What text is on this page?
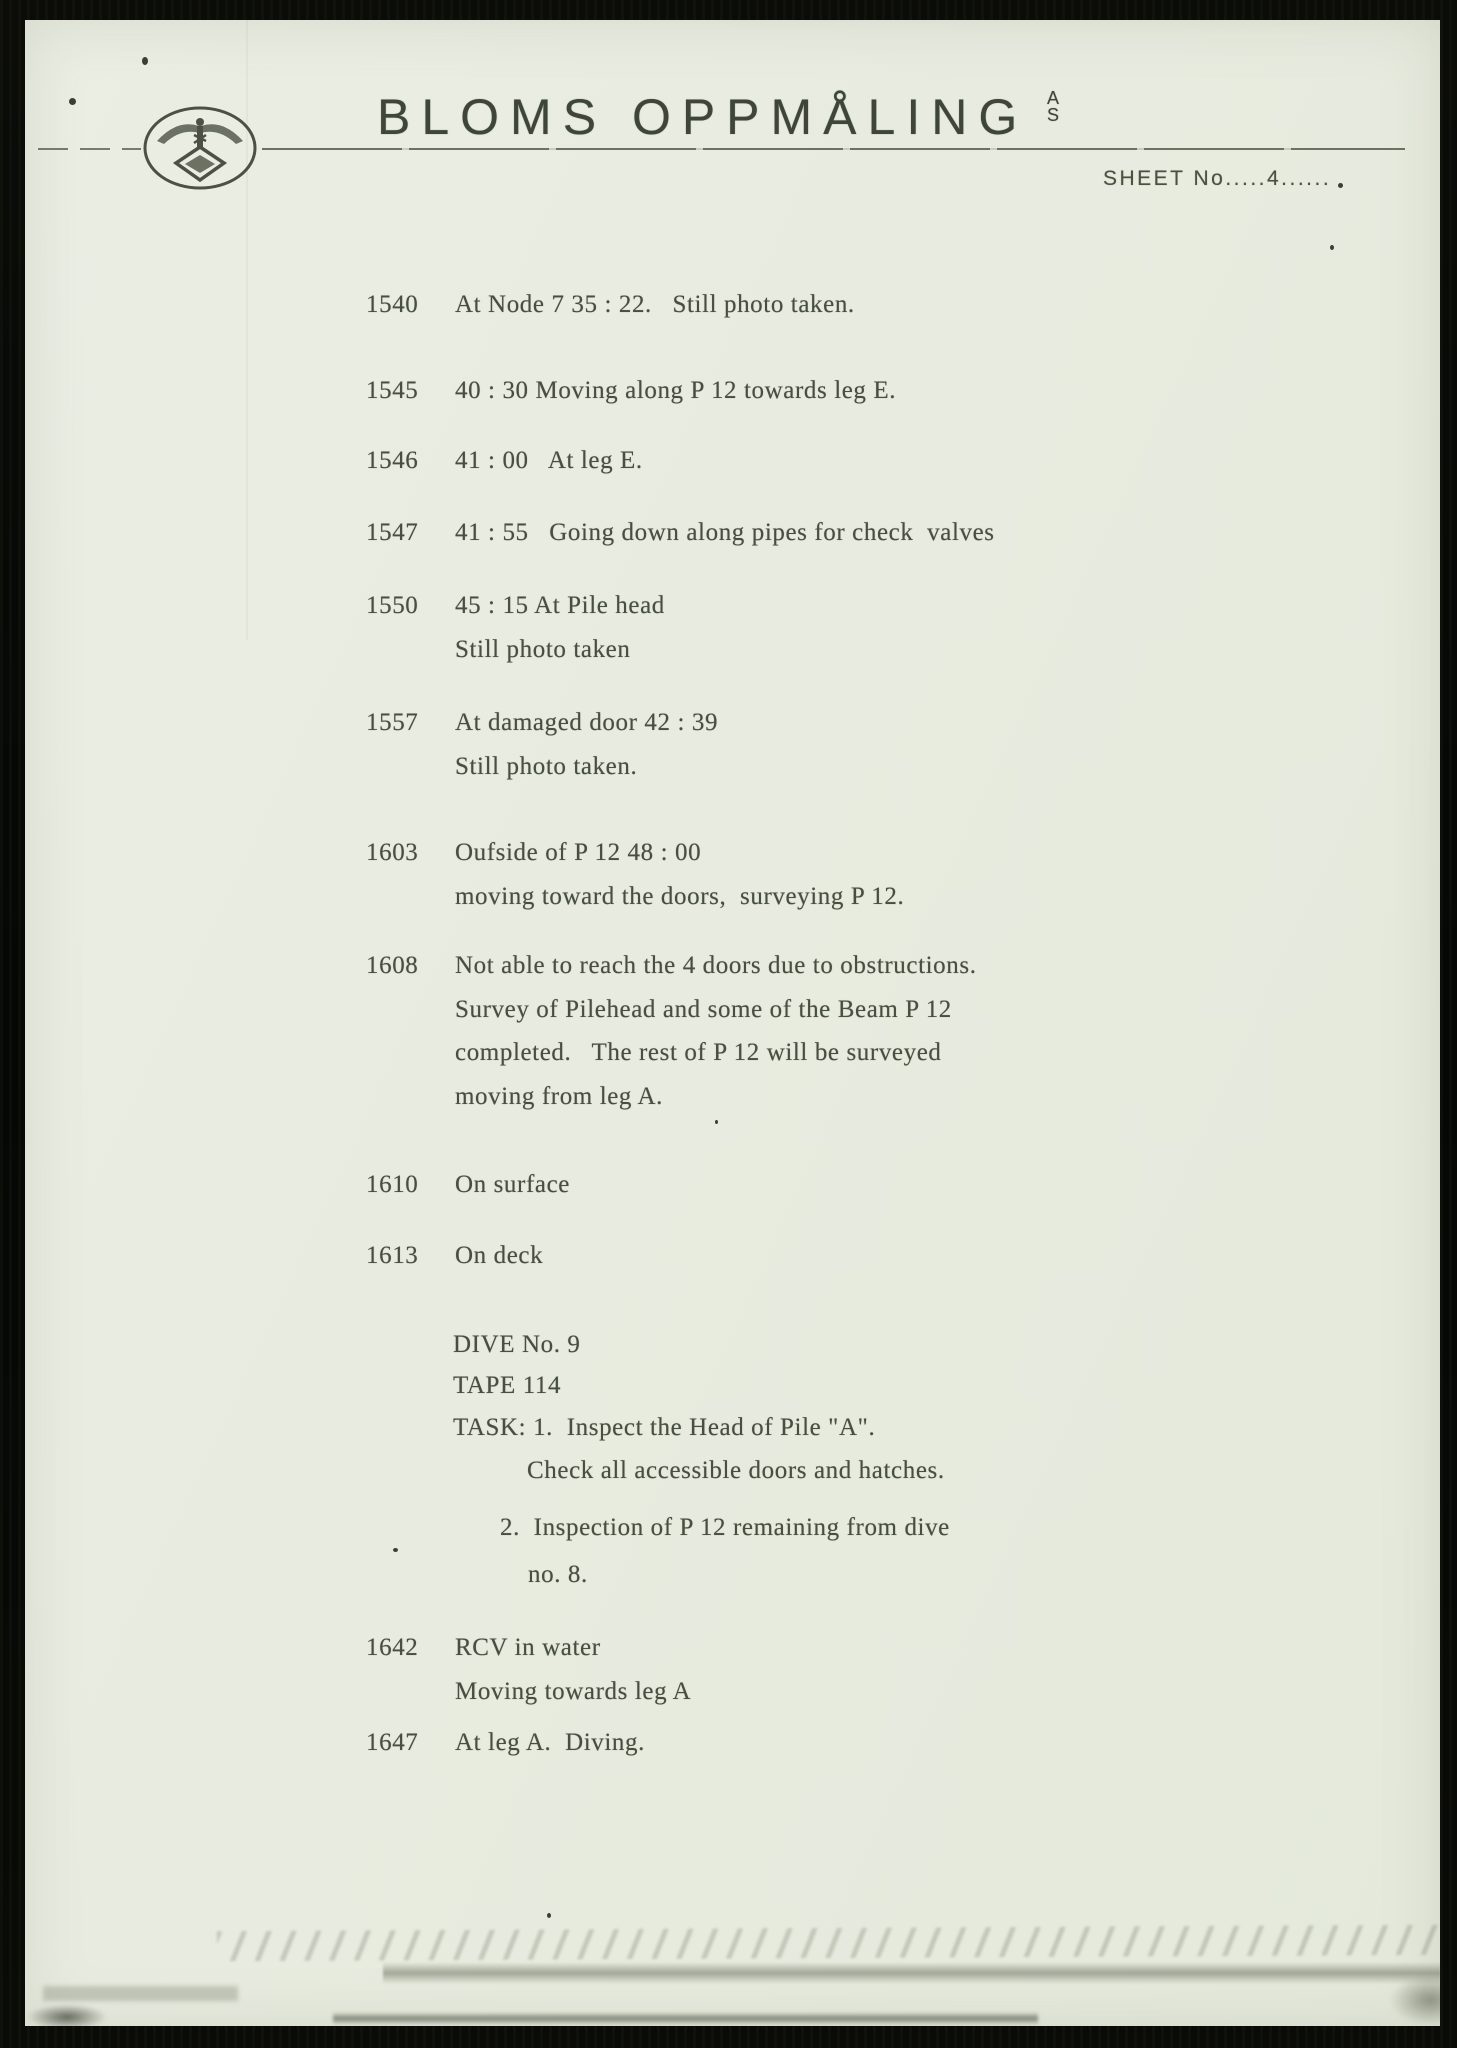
BLOMS OPPMÅLING A
S
SHEET No.....4......
1540 At Node 7 35 : 22.   Still photo taken.
1545 40 : 30 Moving along P 12 towards leg E.
1546 41 : 00   At leg E.
1547 41 : 55   Going down along pipes for check  valves
1550 45 : 15 At Pile head
Still photo taken
1557 At damaged door 42 : 39
Still photo taken.
1603 Oufside of P 12 48 : 00
moving toward the doors,  surveying P 12.
1608 Not able to reach the 4 doors due to obstructions.
Survey of Pilehead and some of the Beam P 12
completed.   The rest of P 12 will be surveyed
moving from leg A.
1610 On surface
1613 On deck
DIVE No. 9
TAPE 114
TASK: 1.  Inspect the Head of Pile "A".
Check all accessible doors and hatches.
2.  Inspection of P 12 remaining from dive
no. 8.
1642 RCV in water
Moving towards leg A
1647 At leg A.  Diving.
